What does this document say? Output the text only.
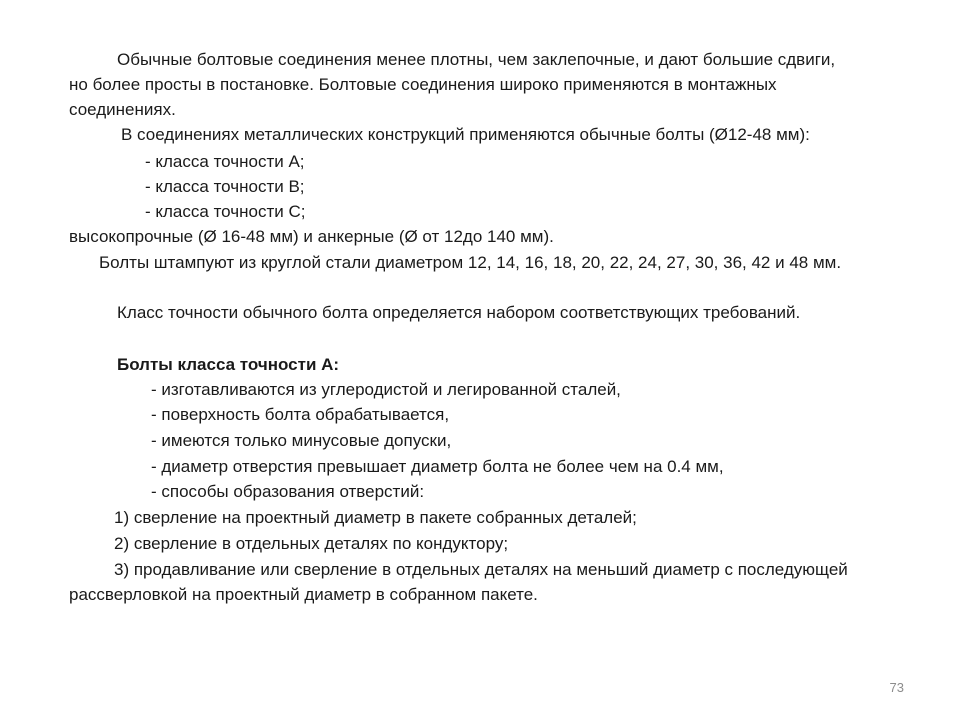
Обычные болтовые соединения менее плотны, чем заклепочные, и дают большие сдвиги,
но более просты в постановке. Болтовые соединения широко применяются в монтажных
соединениях.
В соединениях металлических конструкций применяются обычные болты (Ø12-48 мм):
- класса точности А;
- класса точности В;
- класса точности С;
высокопрочные (Ø 16-48 мм) и анкерные (Ø от 12до 140 мм).
Болты штампуют из круглой стали диаметром 12, 14, 16, 18, 20, 22, 24, 27, 30, 36, 42 и 48 мм.
Класс точности обычного болта определяется набором соответствующих требований.
Болты класса точности А:
- изготавливаются из углеродистой и легированной сталей,
- поверхность болта обрабатывается,
- имеются только минусовые допуски,
- диаметр отверстия превышает диаметр болта не более чем на 0.4 мм,
- способы образования отверстий:
1) сверление на проектный диаметр в пакете собранных деталей;
2) сверление в отдельных деталях по кондуктору;
3) продавливание или сверление в отдельных деталях на меньший диаметр с последующей
рассверловкой на проектный диаметр в собранном пакете.
73
